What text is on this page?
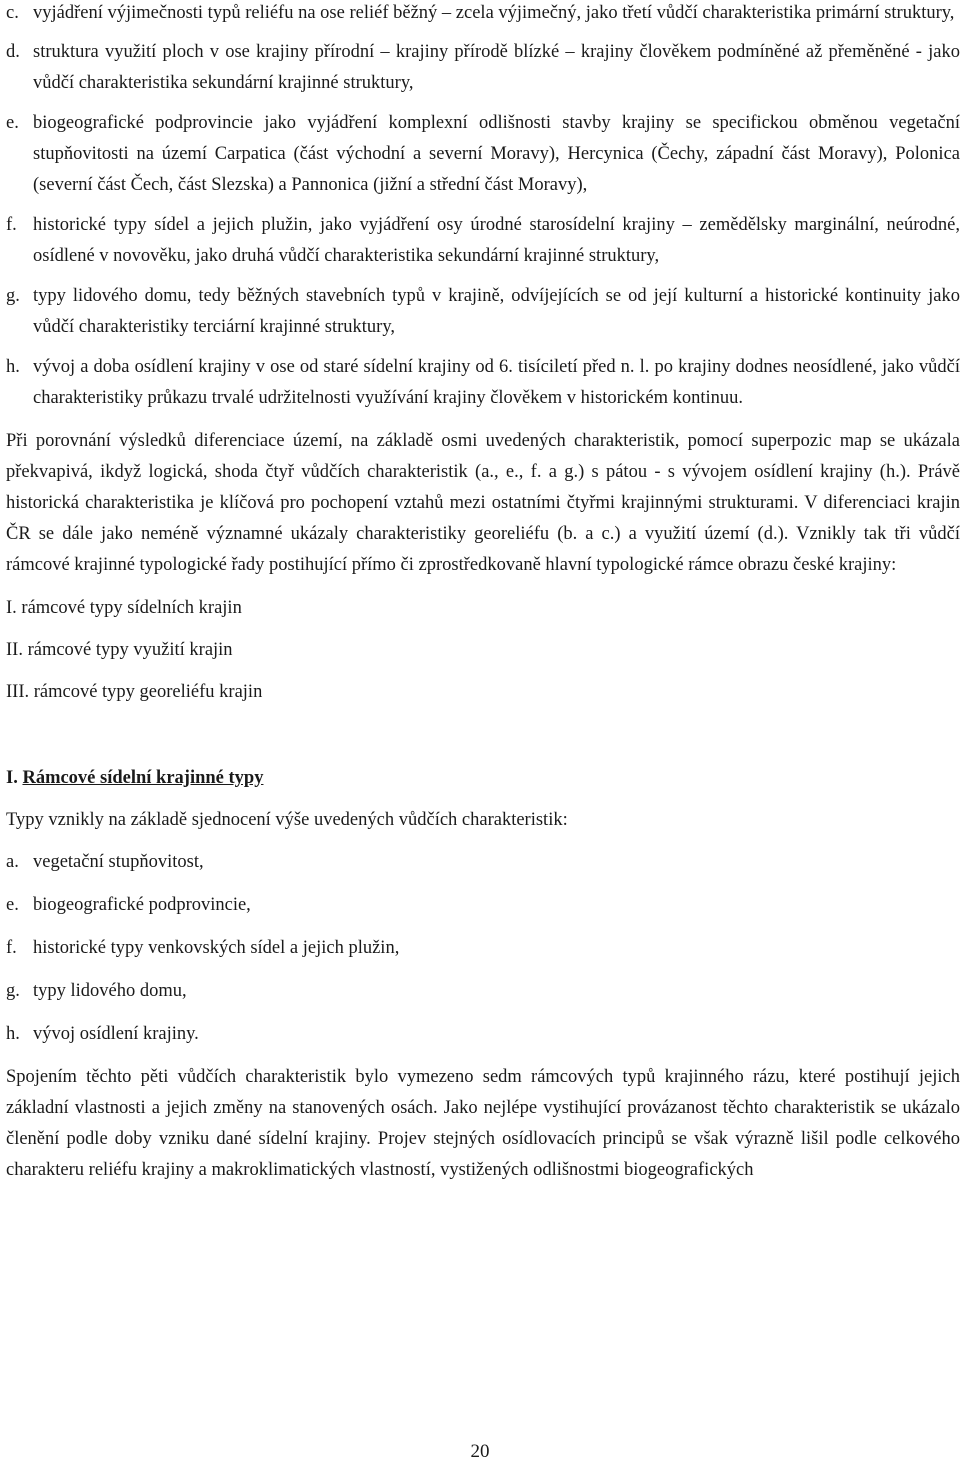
c. vyjádření výjimečnosti typů reliéfu na ose reliéf běžný – zcela výjimečný, jako třetí vůdčí charakteristika primární struktury,
d. struktura využití ploch v ose krajiny přírodní – krajiny přírodě blízké – krajiny člověkem podmíněné až přeměněné - jako vůdčí charakteristika sekundární krajinné struktury,
e. biogeografické podprovincie jako vyjádření komplexní odlišnosti stavby krajiny se specifickou obměnou vegetační stupňovitosti na území Carpatica (část východní a severní Moravy), Hercynica (Čechy, západní část Moravy), Polonica (severní část Čech, část Slezska) a Pannonica (jižní a střední část Moravy),
f. historické typy sídel a jejich plužin, jako vyjádření osy úrodné starosídelní krajiny – zemědělsky marginální, neúrodné, osídlené v novověku, jako druhá vůdčí charakteristika sekundární krajinné struktury,
g. typy lidového domu, tedy běžných stavebních typů v krajině, odvíjejících se od její kulturní a historické kontinuity jako vůdčí charakteristiky terciární krajinné struktury,
h. vývoj a doba osídlení krajiny v ose od staré sídelní krajiny od 6. tisíciletí před n. l. po krajiny dodnes neosídlené, jako vůdčí charakteristiky průkazu trvalé udržitelnosti využívání krajiny člověkem v historickém kontinuu.

Při porovnání výsledků diferenciace území, na základě osmi uvedených charakteristik, pomocí superpozic map se ukázala překvapivá, ikdyž logická, shoda čtyř vůdčích charakteristik (a., e., f. a g.) s pátou - s vývojem osídlení krajiny (h.). Právě historická charakteristika je klíčová pro pochopení vztahů mezi ostatními čtyřmi krajinnými strukturami. V diferenciaci krajin ČR se dále jako neméně významné ukázaly charakteristiky georeliéfu (b. a c.) a využití území (d.). Vznikly tak tři vůdčí rámcové krajinné typologické řady postihující přímo či zprostředkovaně hlavní typologické rámce obrazu české krajiny:

I. rámcové typy sídelních krajin

II. rámcové typy využití krajin

III. rámcové typy georeliéfu krajin

I. Rámcové sídelní krajinné typy

Typy vznikly na základě sjednocení výše uvedených vůdčích charakteristik:

a. vegetační stupňovitost,
e. biogeografické podprovincie,
f. historické typy venkovských sídel a jejich plužin,
g. typy lidového domu,
h. vývoj osídlení krajiny.

Spojením těchto pěti vůdčích charakteristik bylo vymezeno sedm rámcových typů krajinného rázu, které postihují jejich základní vlastnosti a jejich změny na stanovených osách. Jako nejlépe vystihující provázanost těchto charakteristik se ukázalo členění podle doby vzniku dané sídelní krajiny. Projev stejných osídlovacích principů se však výrazně lišil podle celkového charakteru reliéfu krajiny a makroklimatických vlastností, vystižených odlišnostmi biogeografických

20
